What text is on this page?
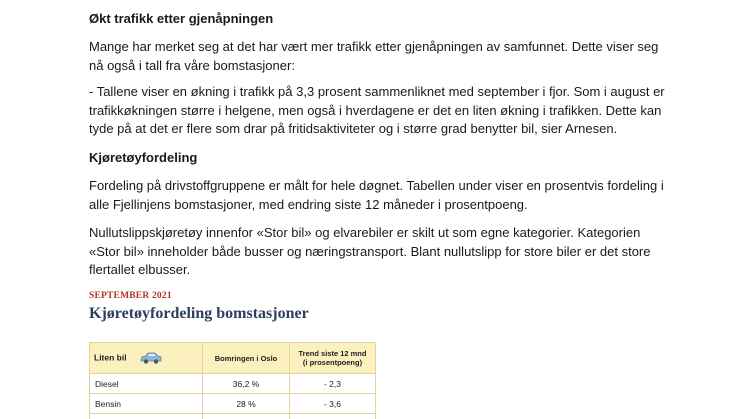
Økt trafikk etter gjenåpningen
Mange har merket seg at det har vært mer trafikk etter gjenåpningen av samfunnet. Dette viser seg
nå også i tall fra våre bomstasjoner:
- Tallene viser en økning i trafikk på 3,3 prosent sammenliknet med september i fjor. Som i august er
trafikkøkningen større i helgene, men også i hverdagene er det en liten økning i trafikken. Dette kan
tyde på at det er flere som drar på fritidsaktiviteter og i større grad benytter bil, sier Arnesen.
Kjøretøyfordeling
Fordeling på drivstoffgruppene er målt for hele døgnet. Tabellen under viser en prosentvis fordeling i
alle Fjellinjens bomstasjoner, med endring siste 12 måneder i prosentpoeng.
Nullutslippskjøretøy innenfor «Stor bil» og elvarebiler er skilt ut som egne kategorier. Kategorien
«Stor bil» inneholder både busser og næringstransport. Blant nullutslipp for store biler er det store
flertallet elbusser.
SEPTEMBER 2021
Kjøretøyfordeling bomstasjoner
Liten bil	Bomringen i Oslo	Trend siste 12 mnd
(i prosentpoeng)

Diesel	36,2 %	- 2,3
Bensin	28 %	- 3,6
